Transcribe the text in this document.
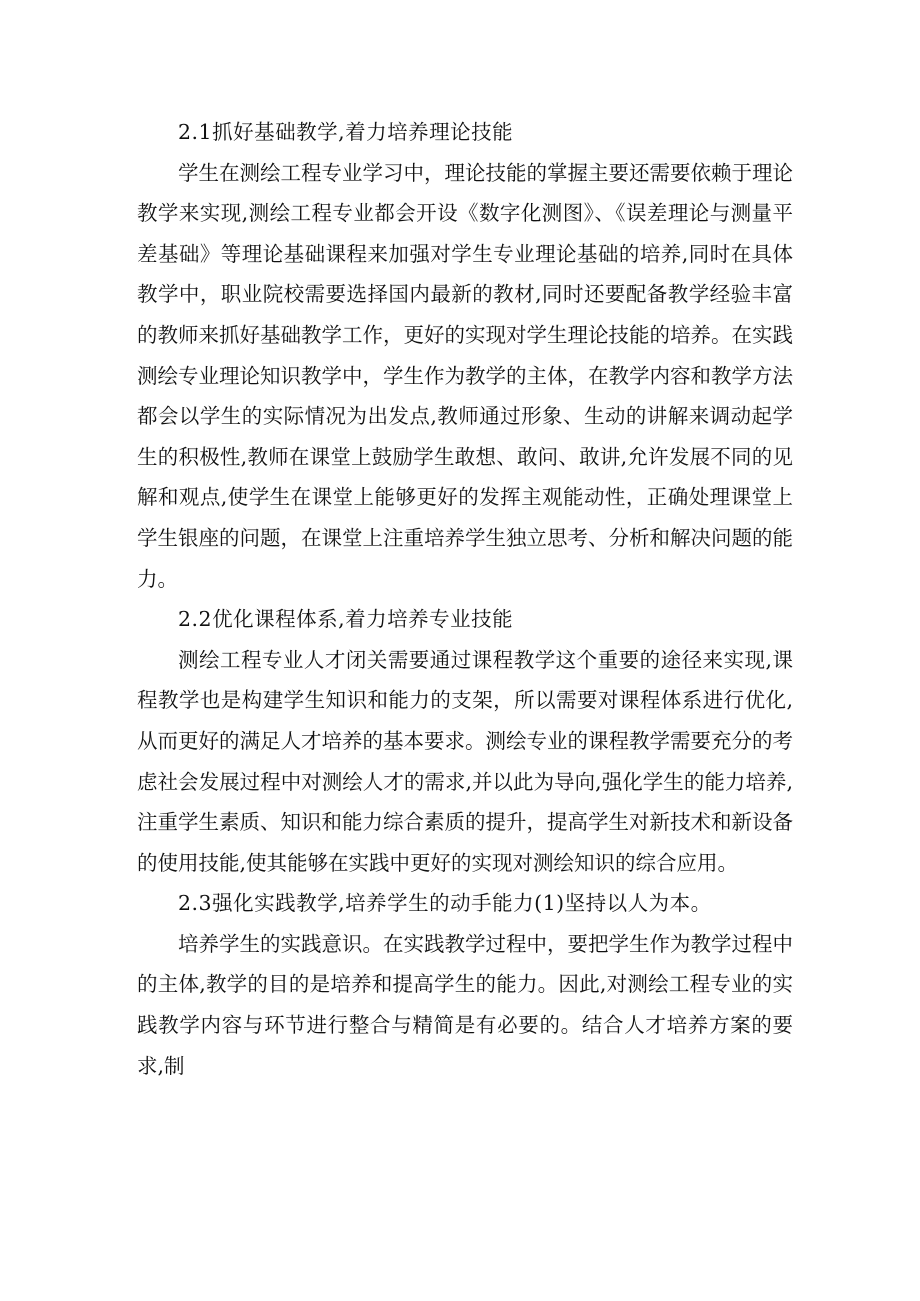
2.1抓好基础教学,着力培养理论技能

学生在测绘工程专业学习中，理论技能的掌握主要还需要依赖于理论教学来实现,测绘工程专业都会开设《数字化测图》、《误差理论与测量平差基础》等理论基础课程来加强对学生专业理论基础的培养,同时在具体教学中，职业院校需要选择国内最新的教材,同时还要配备教学经验丰富的教师来抓好基础教学工作，更好的实现对学生理论技能的培养。在实践测绘专业理论知识教学中，学生作为教学的主体，在教学内容和教学方法都会以学生的实际情况为出发点,教师通过形象、生动的讲解来调动起学生的积极性,教师在课堂上鼓励学生敢想、敢问、敢讲,允许发展不同的见解和观点,使学生在课堂上能够更好的发挥主观能动性，正确处理课堂上学生银座的问题，在课堂上注重培养学生独立思考、分析和解决问题的能力。

2.2优化课程体系,着力培养专业技能

测绘工程专业人才闭关需要通过课程教学这个重要的途径来实现,课程教学也是构建学生知识和能力的支架，所以需要对课程体系进行优化,从而更好的满足人才培养的基本要求。测绘专业的课程教学需要充分的考虑社会发展过程中对测绘人才的需求,并以此为导向,强化学生的能力培养,注重学生素质、知识和能力综合素质的提升，提高学生对新技术和新设备的使用技能,使其能够在实践中更好的实现对测绘知识的综合应用。

2.3强化实践教学,培养学生的动手能力(1)坚持以人为本。

培养学生的实践意识。在实践教学过程中，要把学生作为教学过程中的主体,教学的目的是培养和提高学生的能力。因此,对测绘工程专业的实践教学内容与环节进行整合与精简是有必要的。结合人才培养方案的要求,制
